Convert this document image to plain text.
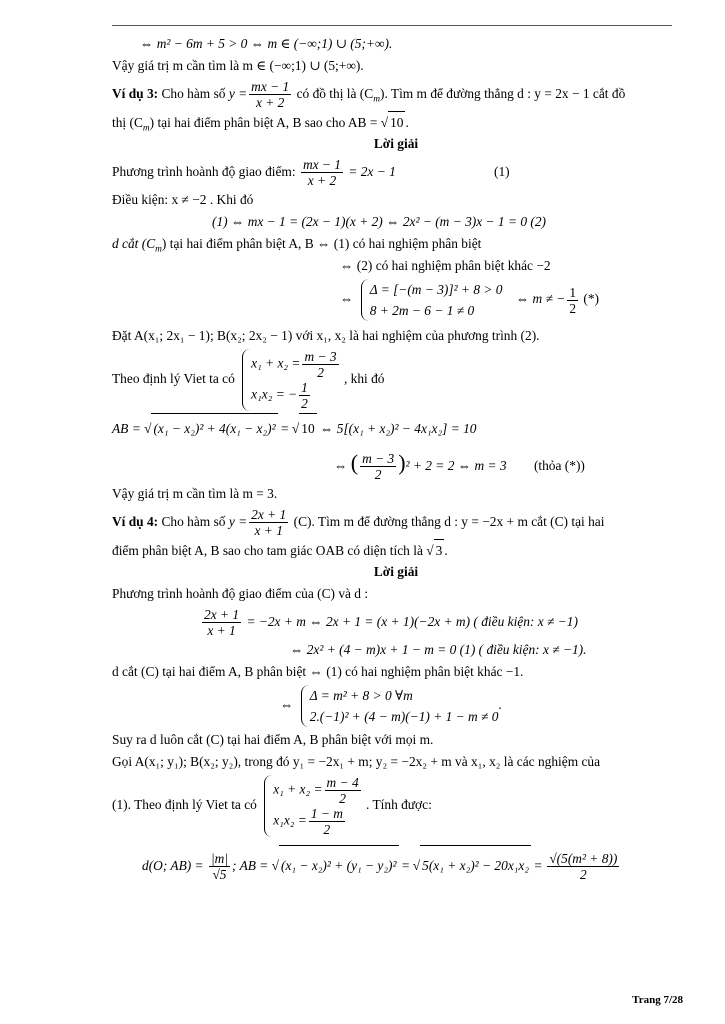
⇔ m² − 6m + 5 > 0 ⇔ m ∈ (−∞;1) ∪ (5;+∞).
Vậy giá trị m cần tìm là m ∈ (−∞;1) ∪ (5;+∞).
Ví dụ 3: Cho hàm số $y = \frac{mx - 1}{x + 2}$ có đồ thị là $(C_m)$. Tìm m để đường thẳng d : y = 2x − 1 cắt đồ
thị $(C_m)$ tại hai điểm phân biệt A, B sao cho AB = √ 10 .
Lời giải
Phương trình hoành độ giao điểm: $\frac{mx - 1}{x + 2} = 2x - 1$	(1)
Điều kiện: x ≠ −2 . Khi đó
(1) ⇔ mx − 1 = (2x − 1)(x + 2) ⇔ 2x² − (m − 3)x − 1 = 0 (2)
d cắt $(C_m)$ tại hai điểm phân biệt A, B ⇔ (1) có hai nghiệm phân biệt
⇔ (2) có hai nghiệm phân biệt khác −2
⇔
Δ = [−(m − 3)]² + 8 > 0
8 + 2m − 6 − 1 ≠ 0
⇔ m ≠ − $\frac{1}{2}$ (*)
Đặt A(x₁; 2x₁ − 1); B(x₂; 2x₂ − 1) với x₁, x₂ là hai nghiệm của phương trình (2).
Theo định lý Viet ta có
$x_1 + x_2 = \frac{m - 3}{2}$
x₁x₂ = − $\frac{1}{2}$
, khi đó
AB = √ (x₁ − x₂)² + 4(x₁ − x₂)² = √ 10 ⇔ 5[(x₁ + x₂)² − 4x₁x₂] = 10
⇔ ( $\frac{m - 3}{2} )^2 + 2 = 2$ ⇔ m = 3 (thỏa (*))
Vậy giá trị m cần tìm là m = 3.
Ví dụ 4: Cho hàm số $y = \frac{2x + 1}{x + 1} (C)$. Tìm m để đường thẳng d : y = −2x + m cắt (C) tại hai
điểm phân biệt A, B sao cho tam giác OAB có diện tích là √ 3 .
Lời giải
Phương trình hoành độ giao điểm của (C) và d :
$\frac{2x + 1}{x + 1} = -2x + m$ ⇔ 2x + 1 = (x + 1)(−2x + m) ( điều kiện: x ≠ −1)
⇔ 2x² + (4 − m)x + 1 − m = 0 (1) ( điều kiện: x ≠ −1).
d cắt (C) tại hai điểm A, B phân biệt ⇔ (1) có hai nghiệm phân biệt khác −1.
⇔
Δ = m² + 8 > 0 ∀m
2.(−1)² + (4 − m)(−1) + 1 − m ≠ 0
.
Suy ra d luôn cắt (C) tại hai điểm A, B phân biệt với mọi m.
Gọi A(x₁; y₁); B(x₂; y₂), trong đó y₁ = −2x₁ + m; y₂ = −2x₂ + m và x₁, x₂ là các nghiệm của
(1). Theo định lý Viet ta có
$x_1 + x_2 = \frac{m - 4}{2}$
$x_1x_2 = \frac{1 - m}{2}$
. Tính được:
d(O; $AB) = \frac{|m|}{√5}$ ; AB = √ (x₁ − x₂)² + (y₁ − y₂)² = √ $5(x_1 + x_2)^2 - 20x_1x_2 = \frac{\text{√(5(m² + 8))}}{2}$
Trang 7/28
